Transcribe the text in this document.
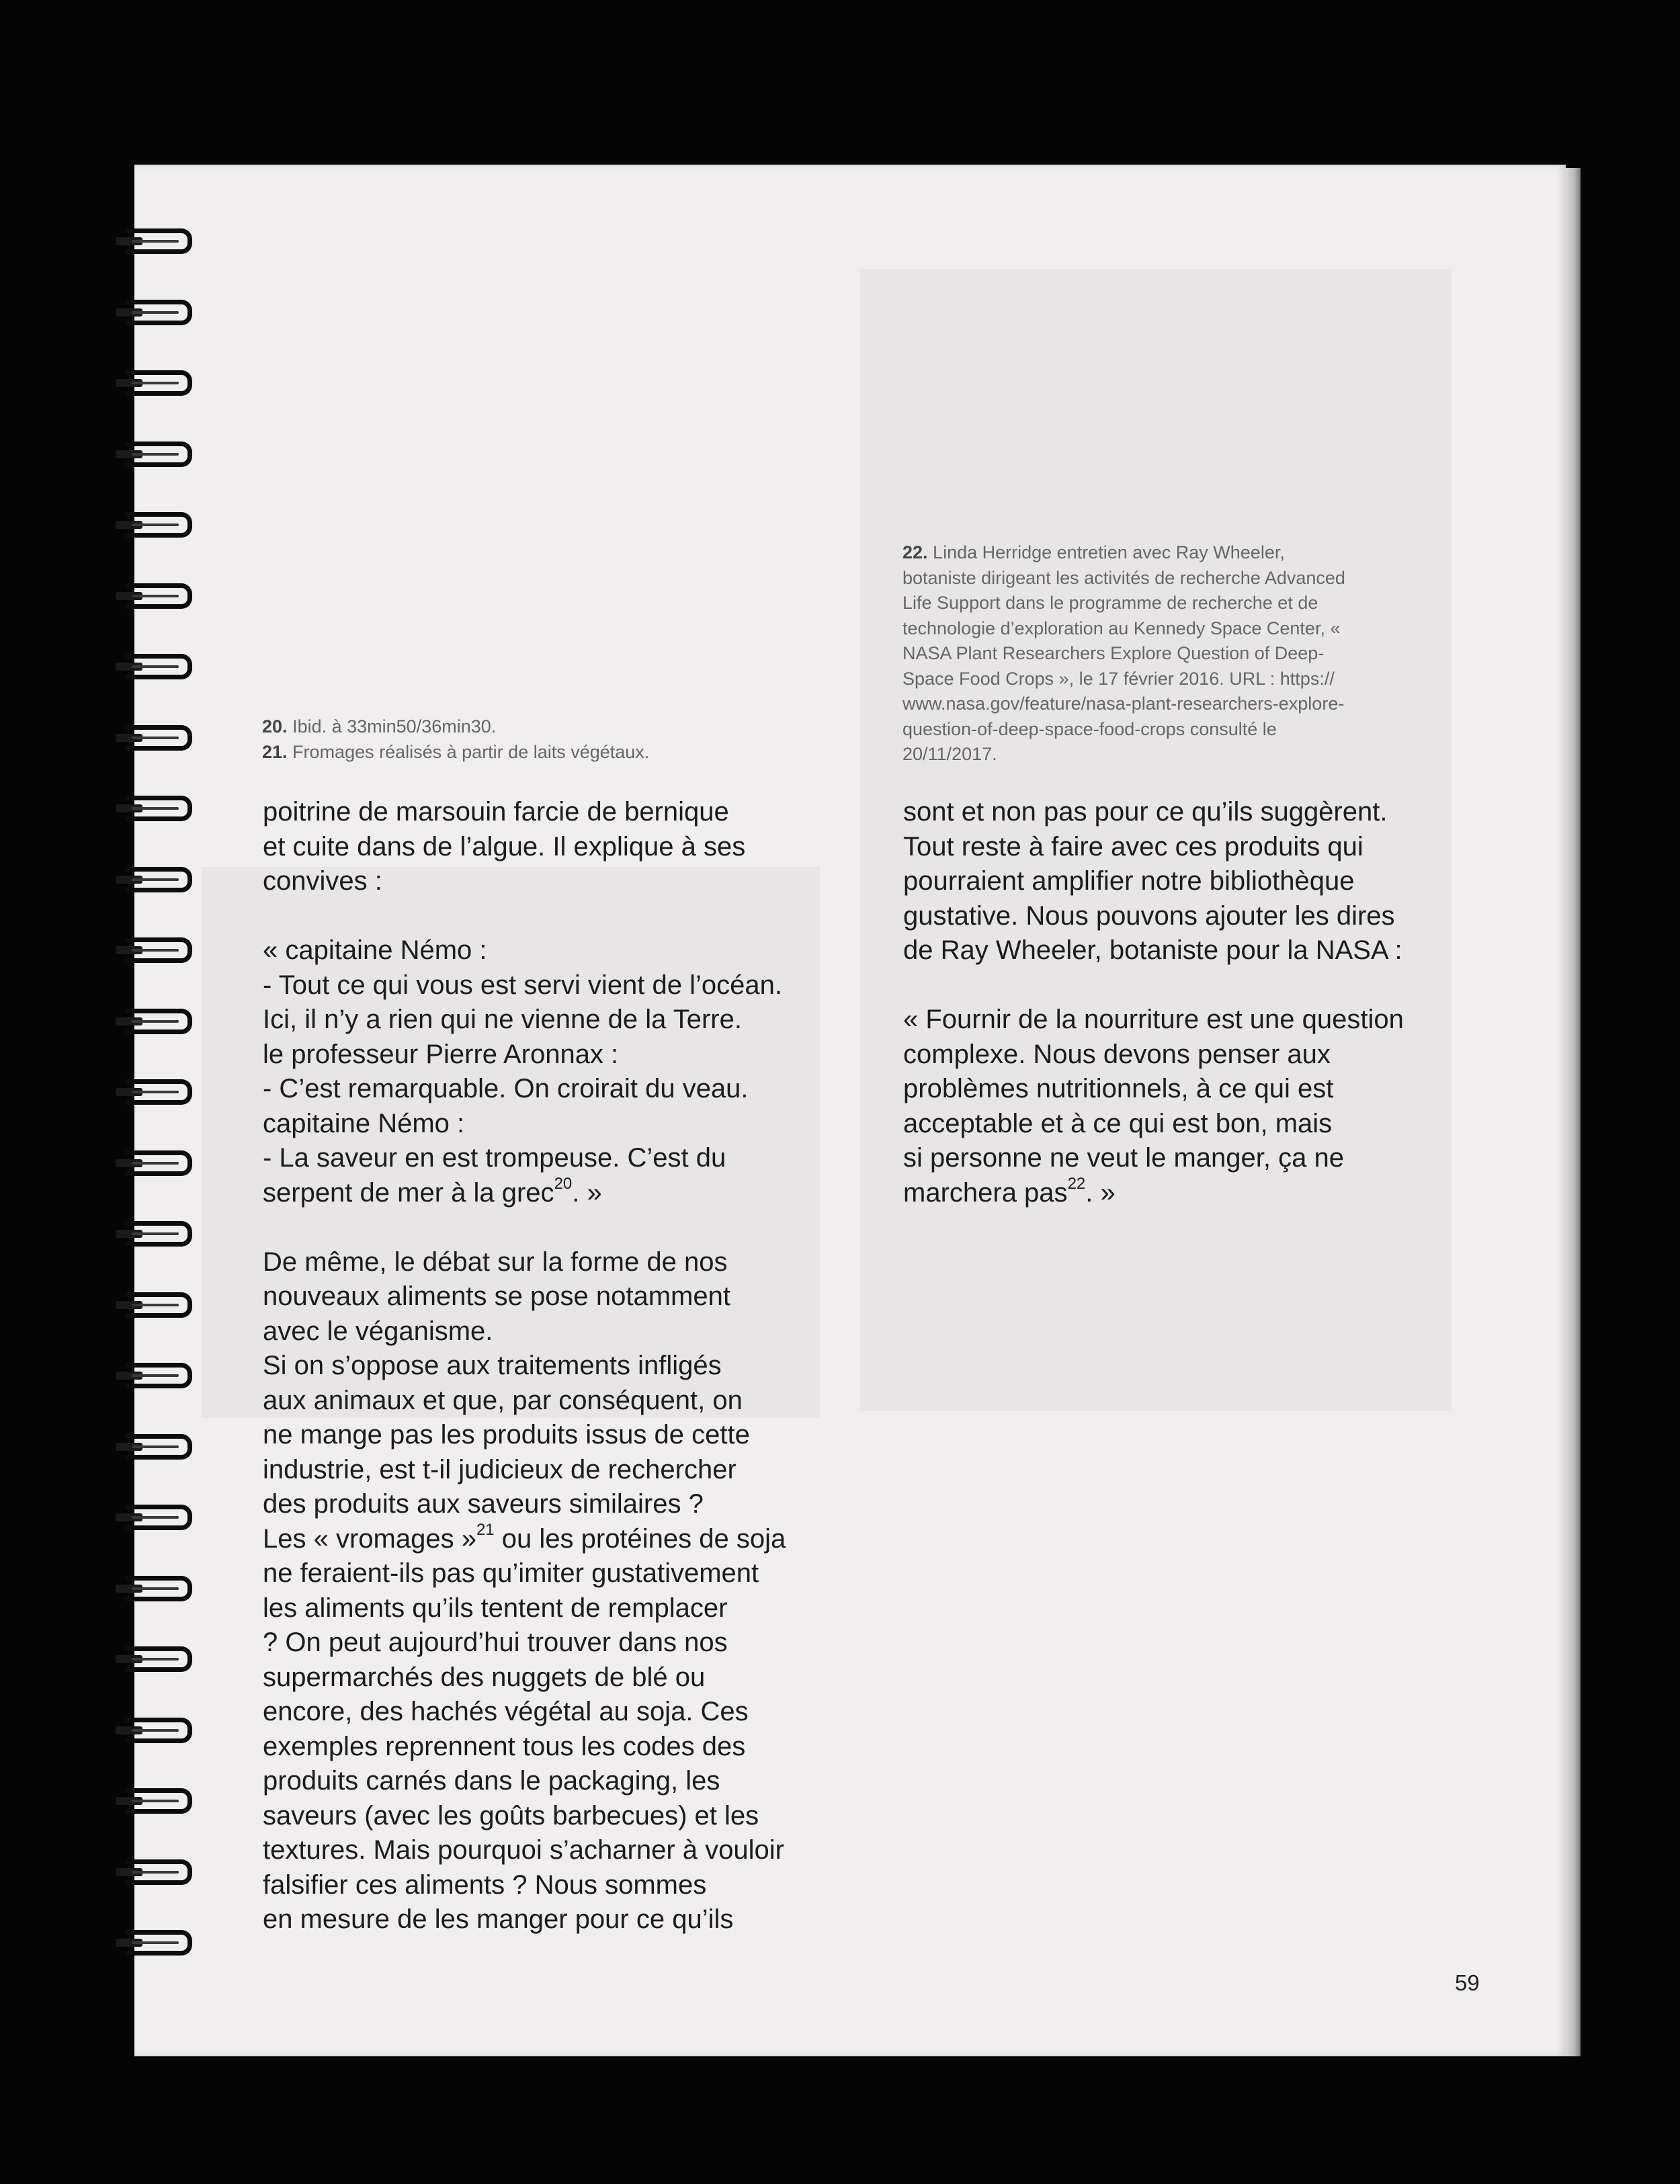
20. Ibid. à 33min50/36min30.
21. Fromages réalisés à partir de laits végétaux.
22. Linda Herridge entretien avec Ray Wheeler,
botaniste dirigeant les activités de recherche Advanced
Life Support dans le programme de recherche et de
technologie d’exploration au Kennedy Space Center, «
NASA Plant Researchers Explore Question of Deep-
Space Food Crops », le 17 février 2016. URL : https://
www.nasa.gov/feature/nasa-plant-researchers-explore-
question-of-deep-space-food-crops consulté le
20/11/2017.
poitrine de marsouin farcie de bernique
et cuite dans de l’algue. Il explique à ses
convives :
« capitaine Némo :
- Tout ce qui vous est servi vient de l’océan.
Ici, il n’y a rien qui ne vienne de la Terre.
le professeur Pierre Aronnax :
- C’est remarquable. On croirait du veau.
capitaine Némo :
- La saveur en est trompeuse. C’est du
serpent de mer à la grec$^{20}$. »
De même, le débat sur la forme de nos
nouveaux aliments se pose notamment
avec le véganisme.
Si on s’oppose aux traitements infligés
aux animaux et que, par conséquent, on
ne mange pas les produits issus de cette
industrie, est t-il judicieux de rechercher
des produits aux saveurs similaires ?
Les « vromages »$^{21}$ ou les protéines de soja
ne feraient-ils pas qu’imiter gustativement
les aliments qu’ils tentent de remplacer
? On peut aujourd’hui trouver dans nos
supermarchés des nuggets de blé ou
encore, des hachés végétal au soja. Ces
exemples reprennent tous les codes des
produits carnés dans le packaging, les
saveurs (avec les goûts barbecues) et les
textures. Mais pourquoi s’acharner à vouloir
falsifier ces aliments ? Nous sommes
en mesure de les manger pour ce qu’ils
sont et non pas pour ce qu’ils suggèrent.
Tout reste à faire avec ces produits qui
pourraient amplifier notre bibliothèque
gustative. Nous pouvons ajouter les dires
de Ray Wheeler, botaniste pour la NASA :
« Fournir de la nourriture est une question
complexe. Nous devons penser aux
problèmes nutritionnels, à ce qui est
acceptable et à ce qui est bon, mais
si personne ne veut le manger, ça ne
marchera pas$^{22}$. »
59
